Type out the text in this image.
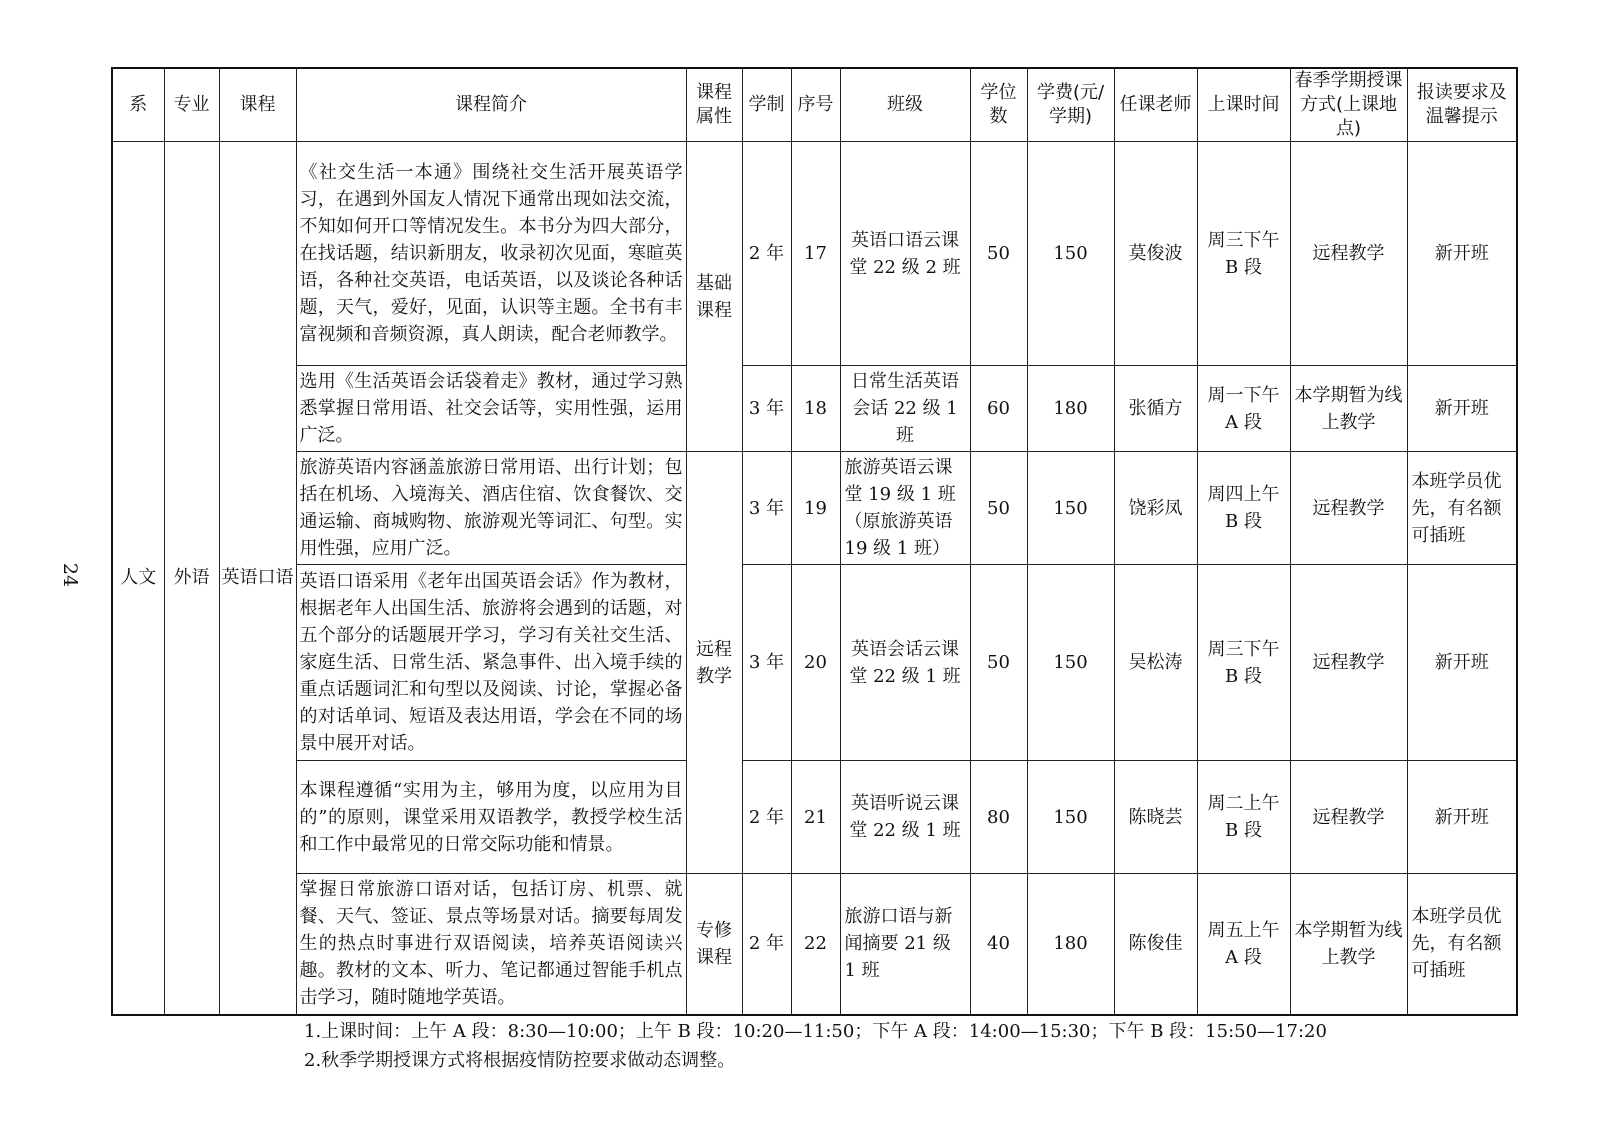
24
系	专业	课程	课程简介	课程属性	学制	序号	班级	学位数	学费(元/学期)	任课老师	上课时间	春季学期授课方式(上课地点)	报读要求及温馨提示
人文	外语	英语口语	《社交生活一本通》围绕社交生活开展英语学习，在遇到外国友人情况下通常出现如法交流，不知如何开口等情况发生。本书分为四大部分，在找话题，结识新朋友，收录初次见面，寒暄英语，各种社交英语，电话英语，以及谈论各种话题，天气，爱好，见面，认识等主题。全书有丰富视频和音频资源，真人朗读，配合老师教学。	基础课程	2 年	17	英语口语云课堂 22 级 2 班	50	150	莫俊波	周三下午 B 段	远程教学	新开班
			选用《生活英语会话袋着走》教材，通过学习熟悉掌握日常用语、社交会话等，实用性强，运用广泛。		3 年	18	日常生活英语会话 22 级 1 班	60	180	张循方	周一下午 A 段	本学期暂为线上教学	新开班
			旅游英语内容涵盖旅游日常用语、出行计划；包括在机场、入境海关、酒店住宿、饮食餐饮、交通运输、商城购物、旅游观光等词汇、句型。实用性强，应用广泛。	远程教学	3 年	19	旅游英语云课堂 19 级 1 班（原旅游英语 19 级 1 班）	50	150	饶彩凤	周四上午 B 段	远程教学	本班学员优先，有名额可插班
			英语口语采用《老年出国英语会话》作为教材，根据老年人出国生活、旅游将会遇到的话题，对五个部分的话题展开学习，学习有关社交生活、家庭生活、日常生活、紧急事件、出入境手续的重点话题词汇和句型以及阅读、讨论，掌握必备的对话单词、短语及表达用语，学会在不同的场景中展开对话。		3 年	20	英语会话云课堂 22 级 1 班	50	150	吴松涛	周三下午 B 段	远程教学	新开班
			本课程遵循“实用为主，够用为度，以应用为目的”的原则，课堂采用双语教学，教授学校生活和工作中最常见的日常交际功能和情景。		2 年	21	英语听说云课堂 22 级 1 班	80	150	陈晓芸	周二上午 B 段	远程教学	新开班
			掌握日常旅游口语对话，包括订房、机票、就餐、天气、签证、景点等场景对话。摘要每周发生的热点时事进行双语阅读，培养英语阅读兴趣。教材的文本、听力、笔记都通过智能手机点击学习，随时随地学英语。	专修课程	2 年	22	旅游口语与新闻摘要 21 级 1 班	40	180	陈俊佳	周五上午 A 段	本学期暂为线上教学	本班学员优先，有名额可插班
1.上课时间：上午 A 段：8:30—10:00；上午 B 段：10:20—11:50；下午 A 段：14:00—15:30；下午 B 段：15:50—17:20
2.秋季学期授课方式将根据疫情防控要求做动态调整。
